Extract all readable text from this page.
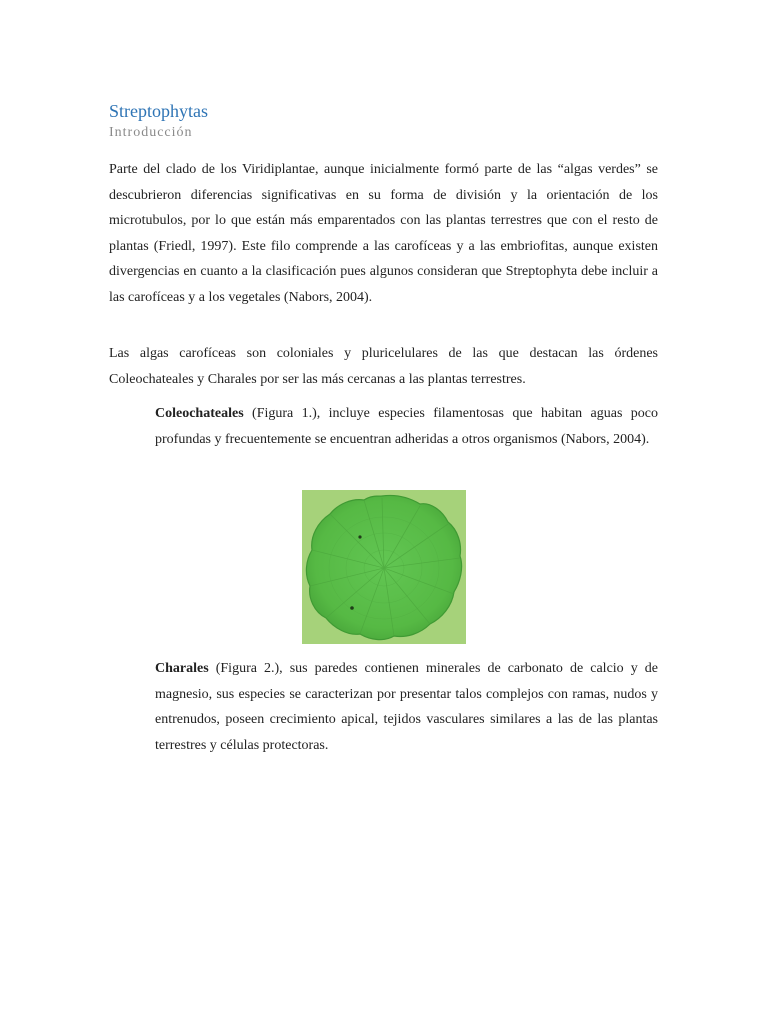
Streptophytas
Introducción

Parte del clado de los Viridiplantae, aunque inicialmente formó parte de las “algas verdes” se descubrieron diferencias significativas en su forma de división y la orientación de los microtubulos, por lo que están más emparentados con las plantas terrestres que con el resto de plantas (Friedl, 1997). Este filo comprende a las carofíceas y a las embriofitas, aunque existen divergencias en cuanto a la clasificación pues algunos consideran que Streptophyta debe incluir a las carofíceas y a los vegetales (Nabors, 2004).

Las algas carofíceas son coloniales y pluricelulares de las que destacan las órdenes Coleochateales y Charales por ser las más cercanas a las plantas terrestres.

Coleochateales (Figura 1.), incluye especies filamentosas que habitan aguas poco profundas y frecuentemente se encuentran adheridas a otros organismos (Nabors, 2004).

Charales (Figura 2.), sus paredes contienen minerales de carbonato de calcio y de magnesio, sus especies se caracterizan por presentar talos complejos con ramas, nudos y entrenudos, poseen crecimiento apical, tejidos vasculares similares a las de las plantas terrestres y células protectoras.
